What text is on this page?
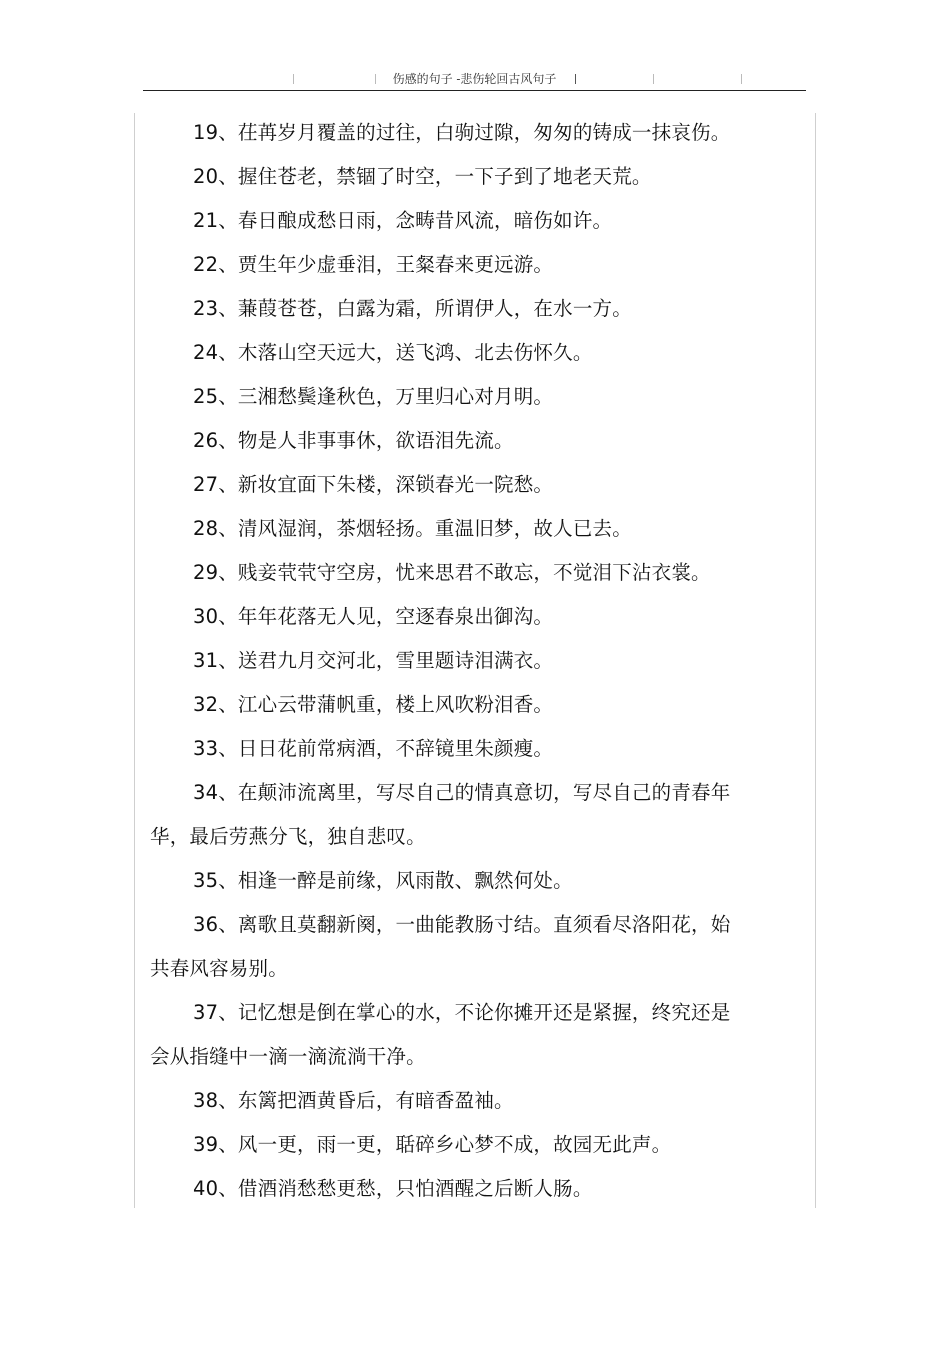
伤感的句子 -悲伤轮回古风句子

19、茌苒岁月覆盖的过往，白驹过隙，匆匆的铸成一抹哀伤。

20、握住苍老，禁锢了时空，一下子到了地老天荒。

21、春日酿成愁日雨，念畴昔风流，暗伤如许。

22、贾生年少虚垂泪，王粲春来更远游。

23、蒹葭苍苍，白露为霜，所谓伊人，在水一方。

24、木落山空天远大，送飞鸿、北去伤怀久。

25、三湘愁鬓逢秋色，万里归心对月明。

26、物是人非事事休，欲语泪先流。

27、新妆宜面下朱楼，深锁春光一院愁。

28、清风湿润，茶烟轻扬。重温旧梦，故人已去。

29、贱妾茕茕守空房，忧来思君不敢忘，不觉泪下沾衣裳。

30、年年花落无人见，空逐春泉出御沟。

31、送君九月交河北，雪里题诗泪满衣。

32、江心云带蒲帆重，楼上风吹粉泪香。

33、日日花前常病酒，不辞镜里朱颜瘦。

34、在颠沛流离里，写尽自己的情真意切，写尽自己的青春年

华，最后劳燕分飞，独自悲叹。

35、相逢一醉是前缘，风雨散、飘然何处。

36、离歌且莫翻新阕，一曲能教肠寸结。直须看尽洛阳花，始

共春风容易别。

37、记忆想是倒在掌心的水，不论你摊开还是紧握，终究还是

会从指缝中一滴一滴流淌干净。

38、东篱把酒黄昏后，有暗香盈袖。

39、风一更，雨一更，聒碎乡心梦不成，故园无此声。

40、借酒消愁愁更愁，只怕酒醒之后断人肠。
